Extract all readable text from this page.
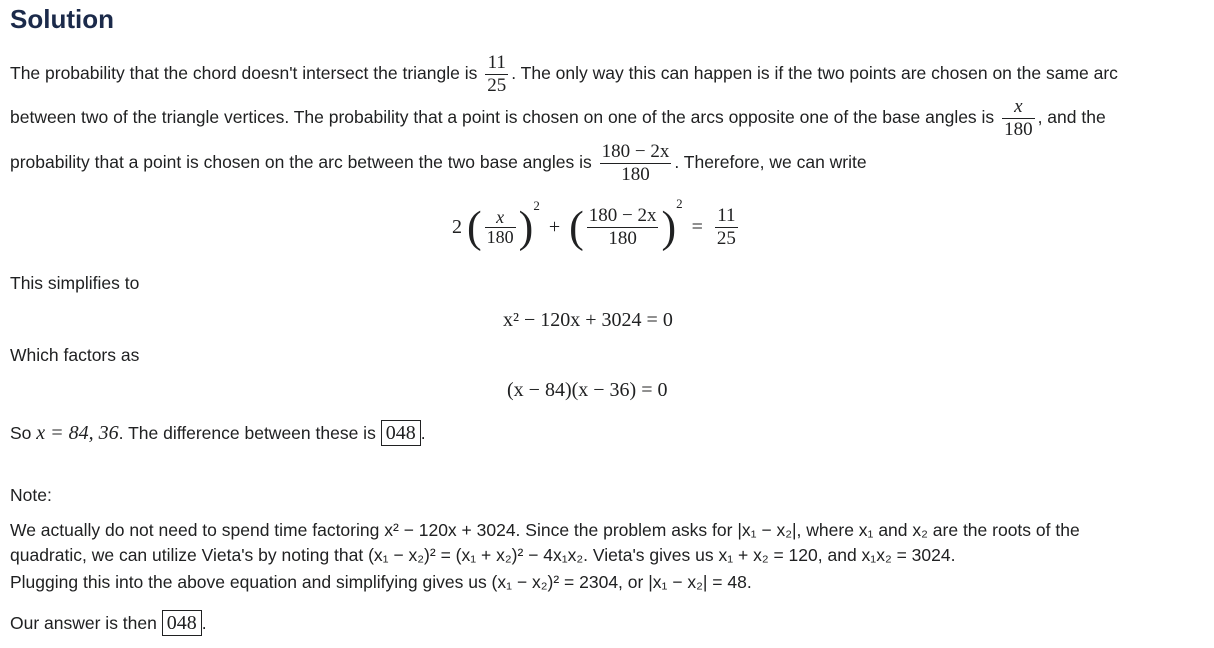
Solution
The probability that the chord doesn't intersect the triangle is $\frac{11}{25}$ . The only way this can happen is if the two points are chosen on the same arc
between two of the triangle vertices. The probability that a point is chosen on one of the arcs opposite one of the base angles is $\frac{x}{180}$ , and the
probability that a point is chosen on the arc between the two base angles is $\frac{180 - 2x}{180}$ . Therefore, we can write
2 ( $\frac{x}{180} )^2$ + ( $\frac{180 - 2x}{180} )^2 = \frac{11}{25}$
This simplifies to
x² − 120x + 3024 = 0
Which factors as
(x − 84)(x − 36) = 0
So x = 84, 36. The difference between these is 048 .
Note:
We actually do not need to spend time factoring x² − 120x + 3024. Since the problem asks for |x₁ − x₂|, where x₁ and x₂ are the roots of the
quadratic, we can utilize Vieta's by noting that (x₁ − x₂)² = (x₁ + x₂)² − 4x₁x₂. Vieta's gives us x₁ + x₂ = 120, and x₁x₂ = 3024.
Plugging this into the above equation and simplifying gives us (x₁ − x₂)² = 2304, or |x₁ − x₂| = 48.
Our answer is then 048 .
